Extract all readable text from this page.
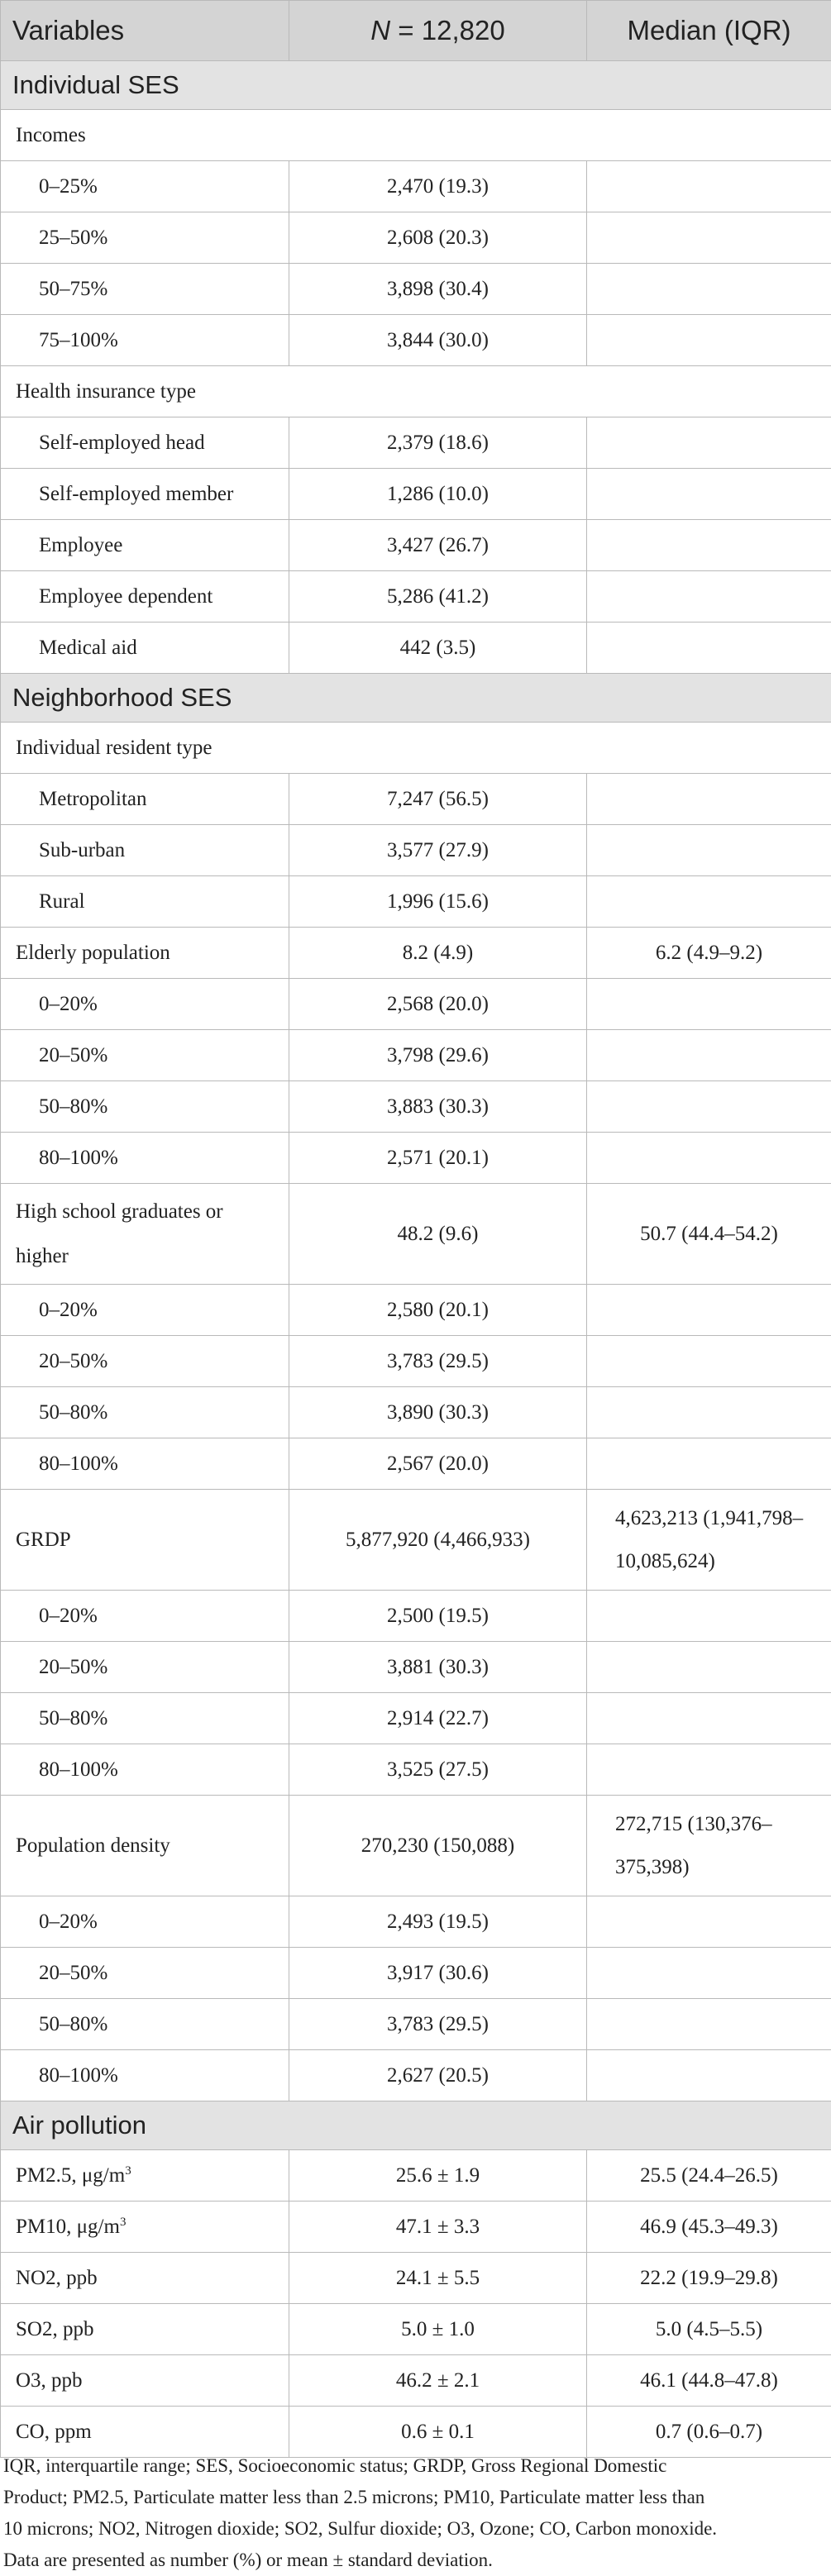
Variables	N = 12,820	Median (IQR)
Individual SES		
Incomes		
0–25%	2,470 (19.3)	
25–50%	2,608 (20.3)	
50–75%	3,898 (30.4)	
75–100%	3,844 (30.0)	
Health insurance type		
Self-employed head	2,379 (18.6)	
Self-employed member	1,286 (10.0)	
Employee	3,427 (26.7)	
Employee dependent	5,286 (41.2)	
Medical aid	442 (3.5)	
Neighborhood SES		
Individual resident type		
Metropolitan	7,247 (56.5)	
Sub-urban	3,577 (27.9)	
Rural	1,996 (15.6)	
Elderly population	8.2 (4.9)	6.2 (4.9–9.2)
0–20%	2,568 (20.0)	
20–50%	3,798 (29.6)	
50–80%	3,883 (30.3)	
80–100%	2,571 (20.1)	
High school graduates or
higher	48.2 (9.6)	50.7 (44.4–54.2)
0–20%	2,580 (20.1)	
20–50%	3,783 (29.5)	
50–80%	3,890 (30.3)	
80–100%	2,567 (20.0)	
GRDP	5,877,920 (4,466,933)	4,623,213 (1,941,798–
10,085,624)
0–20%	2,500 (19.5)	
20–50%	3,881 (30.3)	
50–80%	2,914 (22.7)	
80–100%	3,525 (27.5)	
Population density	270,230 (150,088)	272,715 (130,376–
375,398)
0–20%	2,493 (19.5)	
20–50%	3,917 (30.6)	
50–80%	3,783 (29.5)	
80–100%	2,627 (20.5)	
Air pollution		
PM2.5, $\mu g/m^3$	25.6 ± 1.9	25.5 (24.4–26.5)
PM10, $\mu g/m^3$	47.1 ± 3.3	46.9 (45.3–49.3)
NO2, ppb	24.1 ± 5.5	22.2 (19.9–29.8)
SO2, ppb	5.0 ± 1.0	5.0 (4.5–5.5)
O3, ppb	46.2 ± 2.1	46.1 (44.8–47.8)
CO, ppm	0.6 ± 0.1	0.7 (0.6–0.7)
IQR, interquartile range; SES, Socioeconomic status; GRDP, Gross Regional Domestic
Product; PM2.5, Particulate matter less than 2.5 microns; PM10, Particulate matter less than
10 microns; NO2, Nitrogen dioxide; SO2, Sulfur dioxide; O3, Ozone; CO, Carbon monoxide.
Data are presented as number (%) or mean ± standard deviation.
